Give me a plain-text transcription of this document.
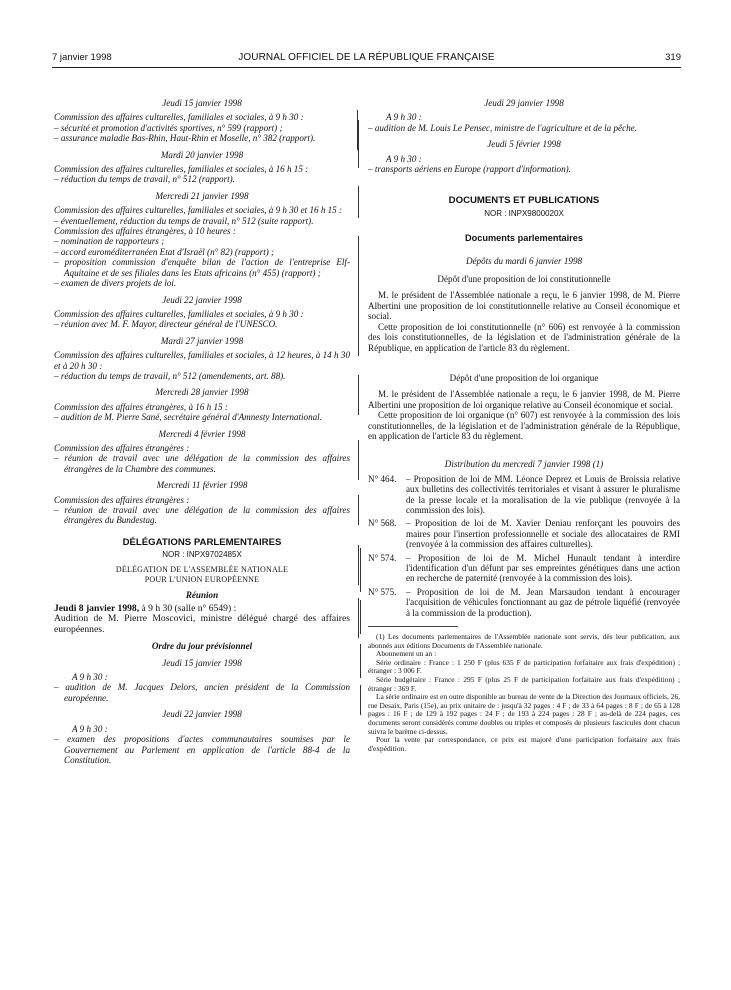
7 janvier 1998	JOURNAL OFFICIEL DE LA RÉPUBLIQUE FRANÇAISE	319

Jeudi 15 janvier 1998

Commission des affaires culturelles, familiales et sociales, à 9 h 30 :

– sécurité et promotion d'activités sportives, n° 599 (rapport) ;

– assurance maladie Bas-Rhin, Haut-Rhin et Moselle, n° 382 (rapport).

Mardi 20 janvier 1998

Commission des affaires culturelles, familiales et sociales, à 16 h 15 :

– réduction du temps de travail, n° 512 (rapport).

Mercredi 21 janvier 1998

Commission des affaires culturelles, familiales et sociales, à 9 h 30 et 16 h 15 :

– éventuellement, réduction du temps de travail, n° 512 (suite rapport).

Commission des affaires étrangères, à 10 heures :

– nomination de rapporteurs ;

– accord euroméditerranéen Etat d'Israël (n° 82) (rapport) ;

– proposition commission d'enquête bilan de l'action de l'entreprise Elf-Aquitaine et de ses filiales dans les Etats africains (n° 455) (rapport) ;

– examen de divers projets de loi.

Jeudi 22 janvier 1998

Commission des affaires culturelles, familiales et sociales, à 9 h 30 :

– réunion avec M. F. Mayor, directeur général de l'UNESCO.

Mardi 27 janvier 1998

Commission des affaires culturelles, familiales et sociales, à 12 heures, à 14 h 30 et à 20 h 30 :

– réduction du temps de travail, n° 512 (amendements, art. 88).

Mercredi 28 janvier 1998

Commission des affaires étrangères, à 16 h 15 :

– audition de M. Pierre Sané, secrétaire général d'Amnesty International.

Mercredi 4 février 1998

Commission des affaires étrangères :

– réunion de travail avec une délégation de la commission des affaires étrangères de la Chambre des communes.

Mercredi 11 février 1998

Commission des affaires étrangères :

– réunion de travail avec une délégation de la commission des affaires étrangères du Bundestag.

DÉLÉGATIONS PARLEMENTAIRES

NOR : INPX9702485X

DÉLÉGATION DE L'ASSEMBLÉE NATIONALE

POUR L'UNION EUROPÉENNE

Réunion

Jeudi 8 janvier 1998, à 9 h 30 (salle n° 6549) :

Audition de M. Pierre Moscovici, ministre délégué chargé des affaires européennes.

Ordre du jour prévisionnel

Jeudi 15 janvier 1998

A 9 h 30 :

– audition de M. Jacques Delors, ancien président de la Commission européenne.

Jeudi 22 janvier 1998

A 9 h 30 :

– examen des propositions d'actes communautaires soumises par le Gouvernement au Parlement en application de l'article 88-4 de la Constitution.

Jeudi 29 janvier 1998

A 9 h 30 :

– audition de M. Louis Le Pensec, ministre de l'agriculture et de la pêche.

Jeudi 5 février 1998

A 9 h 30 :

– transports aériens en Europe (rapport d'information).

DOCUMENTS ET PUBLICATIONS

NOR : INPX9800020X

Documents parlementaires

Dépôts du mardi 6 janvier 1998

Dépôt d'une proposition de loi constitutionnelle

M. le président de l'Assemblée nationale a reçu, le 6 janvier 1998, de M. Pierre Albertini une proposition de loi constitutionnelle relative au Conseil économique et social.

Cette proposition de loi constitutionnelle (n° 606) est renvoyée à la commission des lois constitutionnelles, de la législation et de l'administration générale de la République, en application de l'article 83 du règlement.

Dépôt d'une proposition de loi organique

M. le président de l'Assemblée nationale a reçu, le 6 janvier 1998, de M. Pierre Albertini une proposition de loi organique relative au Conseil économique et social.

Cette proposition de loi organique (n° 607) est renvoyée à la commission des lois constitutionnelles, de la législation et de l'administration générale de la République, en application de l'article 83 du règlement.

Distribution du mercredi 7 janvier 1998 (1)

N° 464.	– Proposition de loi de MM. Léonce Deprez et Louis de Broissia relative aux bulletins des collectivités territoriales et visant à assurer le pluralisme de la presse locale et la moralisation de la vie publique (renvoyée à la commission des lois).
N° 568.	– Proposition de loi de M. Xavier Deniau renforçant les pouvoirs des maires pour l'insertion professionnelle et sociale des allocataires de RMI (renvoyée à la commission des affaires culturelles).
N° 574.	– Proposition de loi de M. Michel Hunault tendant à interdire l'identification d'un défunt par ses empreintes génétiques dans une action en recherche de paternité (renvoyée à la commission des lois).
N° 575.	– Proposition de loi de M. Jean Marsaudon tendant à encourager l'acquisition de véhicules fonctionnant au gaz de pétrole liquéfié (renvoyée à la commission de la production).

(1) Les documents parlementaires de l'Assemblée nationale sont servis, dès leur publication, aux abonnés aux éditions Documents de l'Assemblée nationale.

Abonnement un an :

Série ordinaire : France : 1 250 F (plus 635 F de participation forfaitaire aux frais d'expédition) ; étranger : 3 006 F.

Série budgétaire : France : 295 F (plus 25 F de participation forfaitaire aux frais d'expédition) ; étranger : 369 F.

La série ordinaire est en outre disponible au bureau de vente de la Direction des Journaux officiels, 26, rue Desaix, Paris (15e), au prix unitaire de : jusqu'à 32 pages : 4 F ; de 33 à 64 pages : 8 F ; de 65 à 128 pages : 16 F ; de 129 à 192 pages : 24 F ; de 193 à 224 pages : 28 F ; au-delà de 224 pages, ces documents seront considérés comme doubles ou triples et composés de plusieurs fascicules dont chacun suivra le barème ci-dessus.

Pour la vente par correspondance, ce prix est majoré d'une participation forfaitaire aux frais d'expédition.
